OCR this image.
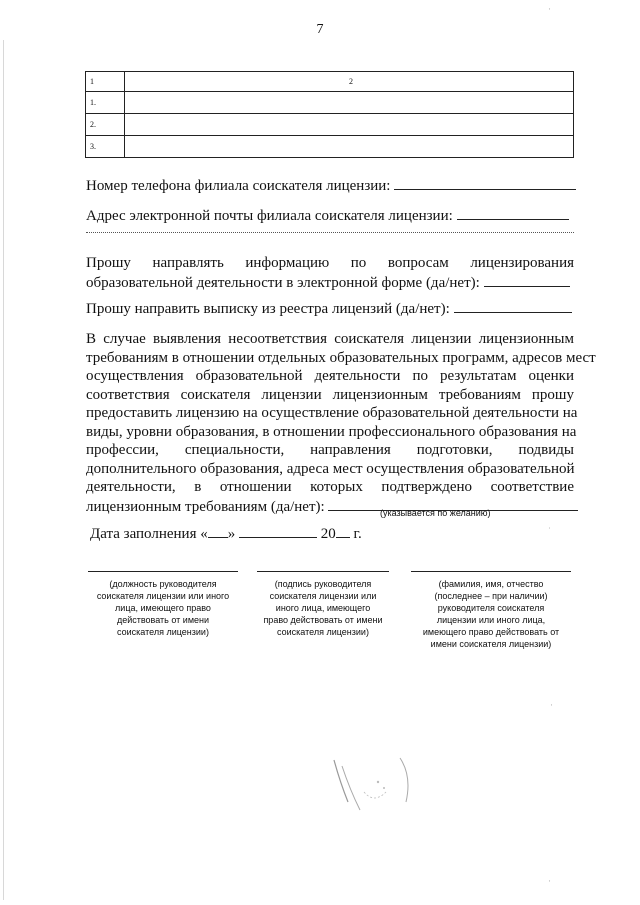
7
1	2
1.	
2.	
3.	
Номер телефона филиала соискателя лицензии:
Адрес электронной почты филиала соискателя лицензии:
Прошу направлять информацию по вопросам лицензирования
образовательной деятельности в электронной форме (да/нет):
Прошу направить выписку из реестра лицензий (да/нет):
В случае выявления несоответствия соискателя лицензии лицензионным
требованиям в отношении отдельных образовательных программ, адресов мест
осуществления образовательной деятельности по результатам оценки
соответствия соискателя лицензии лицензионным требованиям прошу
предоставить лицензию на осуществление образовательной деятельности на
виды, уровни образования, в отношении профессионального образования на
профессии, специальности, направления подготовки, подвиды
дополнительного образования, адреса мест осуществления образовательной
деятельности, в отношении которых подтверждено соответствие
лицензионным требованиям (да/нет):	(указывается по желанию)
Дата заполнения « »	20 г.
(должность руководителя
соискателя лицензии или иного
лица, имеющего право
действовать от имени
соискателя лицензии)
(подпись руководителя
соискателя лицензии или
иного лица, имеющего
право действовать от имени
соискателя лицензии)
(фамилия, имя, отчество
(последнее – при наличии)
руководителя соискателя
лицензии или иного лица,
имеющего право действовать от
имени соискателя лицензии)
·
˙
·
·
